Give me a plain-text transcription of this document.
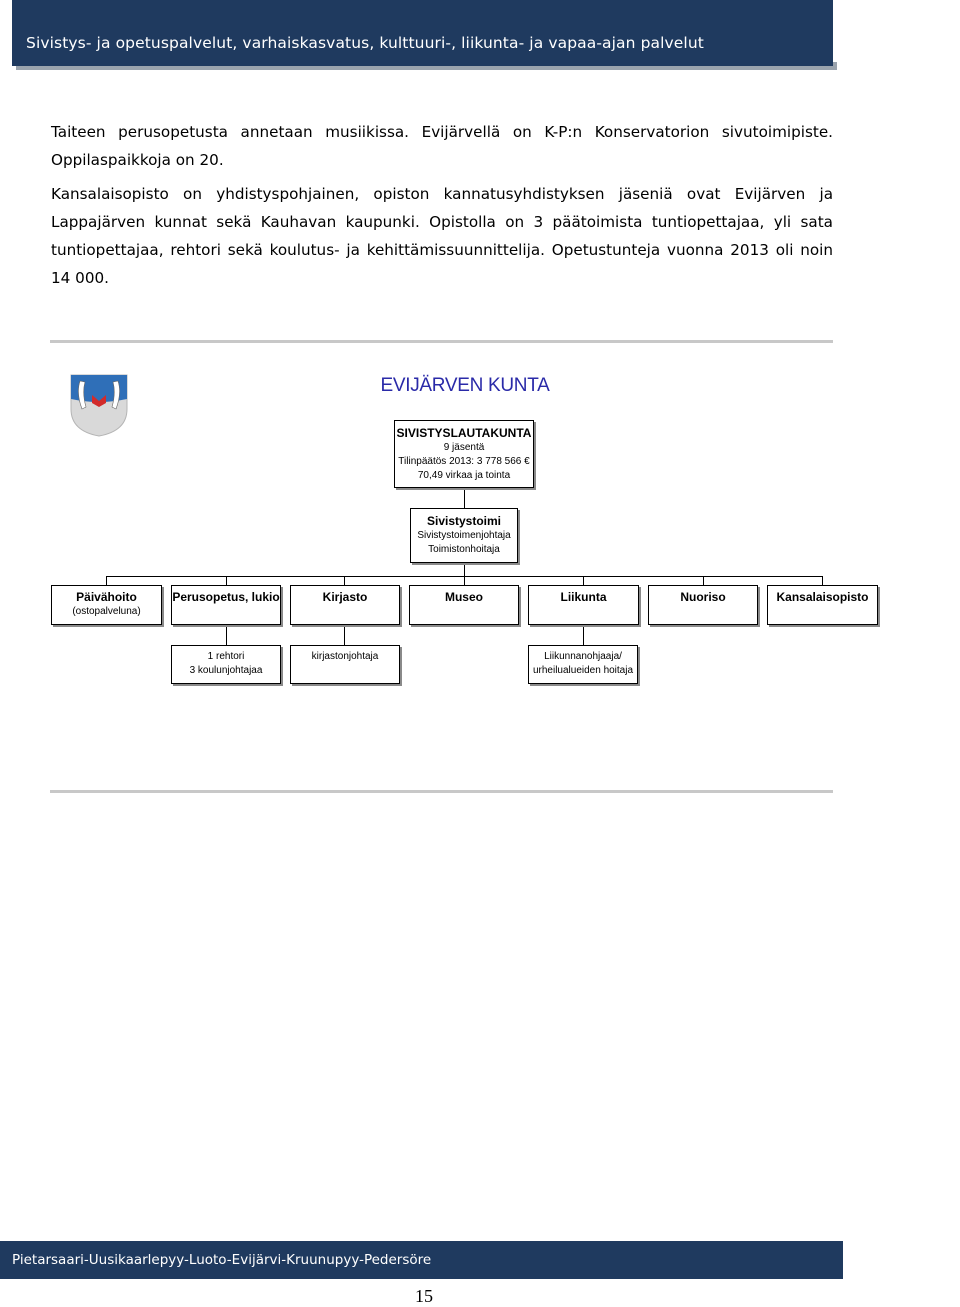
Sivistys- ja opetuspalvelut, varhaiskasvatus, kulttuuri-, liikunta- ja vapaa-ajan palvelut
Taiteen perusopetusta annetaan musiikissa. Evijärvellä on K-P:n Konservatorion sivutoimipiste. Oppilaspaikkoja on 20.
Kansalaisopisto on yhdistyspohjainen, opiston kannatusyhdistyksen jäseniä ovat Evijärven ja Lappajärven kunnat sekä Kauhavan kaupunki. Opistolla on 3 päätoimista tuntiopettajaa, yli sata tuntiopettajaa, rehtori sekä koulutus- ja kehittämissuunnittelija. Opetustunteja vuonna 2013 oli noin 14 000.
EVIJÄRVEN KUNTA
SIVISTYSLAUTAKUNTA
9 jäsentä
Tilinpäätös 2013: 3 778 566 €
70,49 virkaa ja tointa
Sivistystoimi
Sivistystoimenjohtaja
Toimistonhoitaja
Päivähoito
(ostopalveluna)
Perusopetus, lukio	Kirjasto	Museo	Liikunta	Nuoriso	Kansalaisopisto
1 rehtori
3 koulunjohtajaa
kirjastonjohtaja	Liikunnanohjaaja/
urheilualueiden hoitaja
Pietarsaari-Uusikaarlepyy-Luoto-Evijärvi-Kruunupyy-Pedersöre
15
